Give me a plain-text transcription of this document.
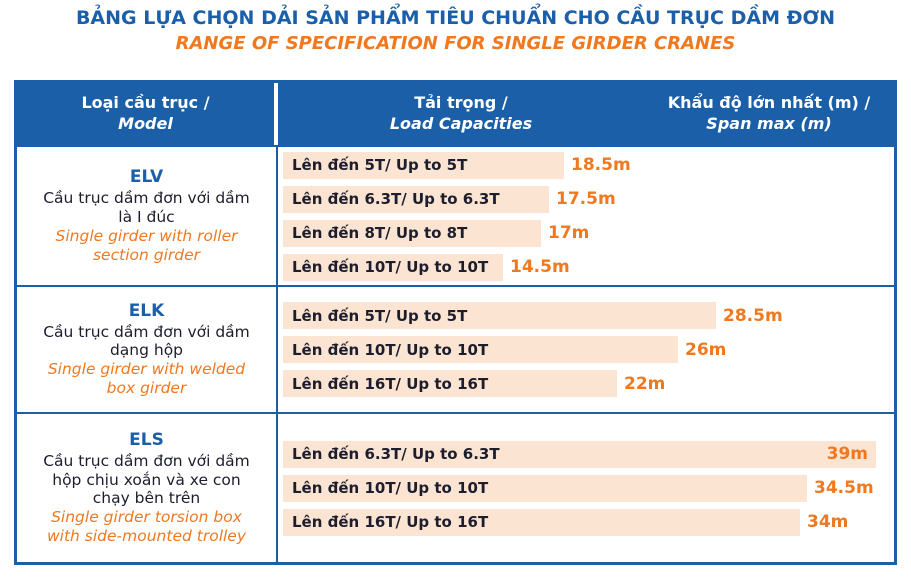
BẢNG LỰA CHỌN DẢI SẢN PHẨM TIÊU CHUẨN CHO CẦU TRỤC DẦM ĐƠN
RANGE OF SPECIFICATION FOR SINGLE GIRDER CRANES
Loại cầu trục /
Model
Tải trọng /
Load Capacities
Khẩu độ lớn nhất (m) /
Span max (m)
ELV
Cầu trục dầm đơn với dầm là I đúc
Single girder with roller section girder
Lên đến 5T/ Up to 5T	18.5m
Lên đến 6.3T/ Up to 6.3T	17.5m
Lên đến 8T/ Up to 8T	17m
Lên đến 10T/ Up to 10T 14.5m
ELK
Cầu trục dầm đơn với dầm dạng hộp
Single girder with welded box girder
Lên đến 5T/ Up to 5T	28.5m
Lên đến 10T/ Up to 10T	26m
Lên đến 16T/ Up to 16T	22m
ELS
Cầu trục dầm đơn với dầm hộp chịu xoắn và xe con chạy bên trên
Single girder torsion box with side-mounted trolley
Lên đến 6.3T/ Up to 6.3T	39m
Lên đến 10T/ Up to 10T	34.5m
Lên đến 16T/ Up to 16T	34m
